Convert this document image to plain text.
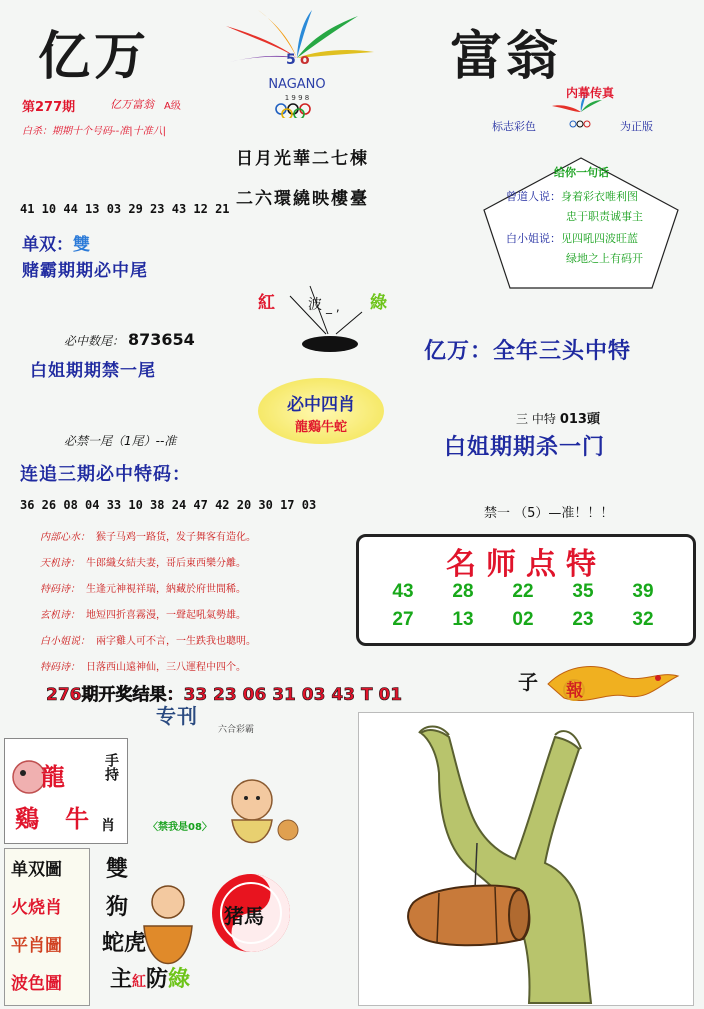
亿万	富翁
5 o
NAGANO
1 9 9 8
第277期	亿万富翁 A级
白杀：期期十个号码--准|十准八|
日月光華二七棟
二六環繞映樓臺
内幕传真
标志彩色	为正版
给你一句话
曾道人说：身着彩衣唯利图
忠于职责诚事主
白小姐说：见四吼四波旺蓝
绿地之上有码开
41 10 44 13 03 29 23 43 12 21
单双：雙
赌霸期期必中尾
紅 波 _ , 綠
必中数尾： 873654
白姐期期禁一尾
亿万：全年三头中特
必中四肖
龍鷄牛蛇
三 中特 013頭
白姐期期杀一门
必禁一尾（1尾）--准
连追三期必中特码：
36 26 08 04 33 10 38 24 47 42 20 30 17 03
禁一 （5）—准！！！
内部心水： 猴子马鸡一路货，发子舞客有造化。
天机诗： 牛郎織女結夫妻，哥后東西樂分離。
特码诗： 生逢元神視祥瑞，納藏於府世間稀。
玄机诗： 地短四折喜霧漫，一聲起吼氣勢雄。
白小姐说： 兩字雞人可不言，一生跌我也聰明。
特码诗： 日落西山遠神仙，三八運程中四个。
名师点特
43 28 22 35 39
27 13 02 23 32
276期开奖结果：33 23 06 31 03 43 T 01
子 報
专刊
六合彩霸
龍
鷄 牛
手持
肖	〈禁我是08〉
单双圖
火烧肖
平肖圖
波色圖
雙
狗
蛇虎
猪馬
主紅防綠
